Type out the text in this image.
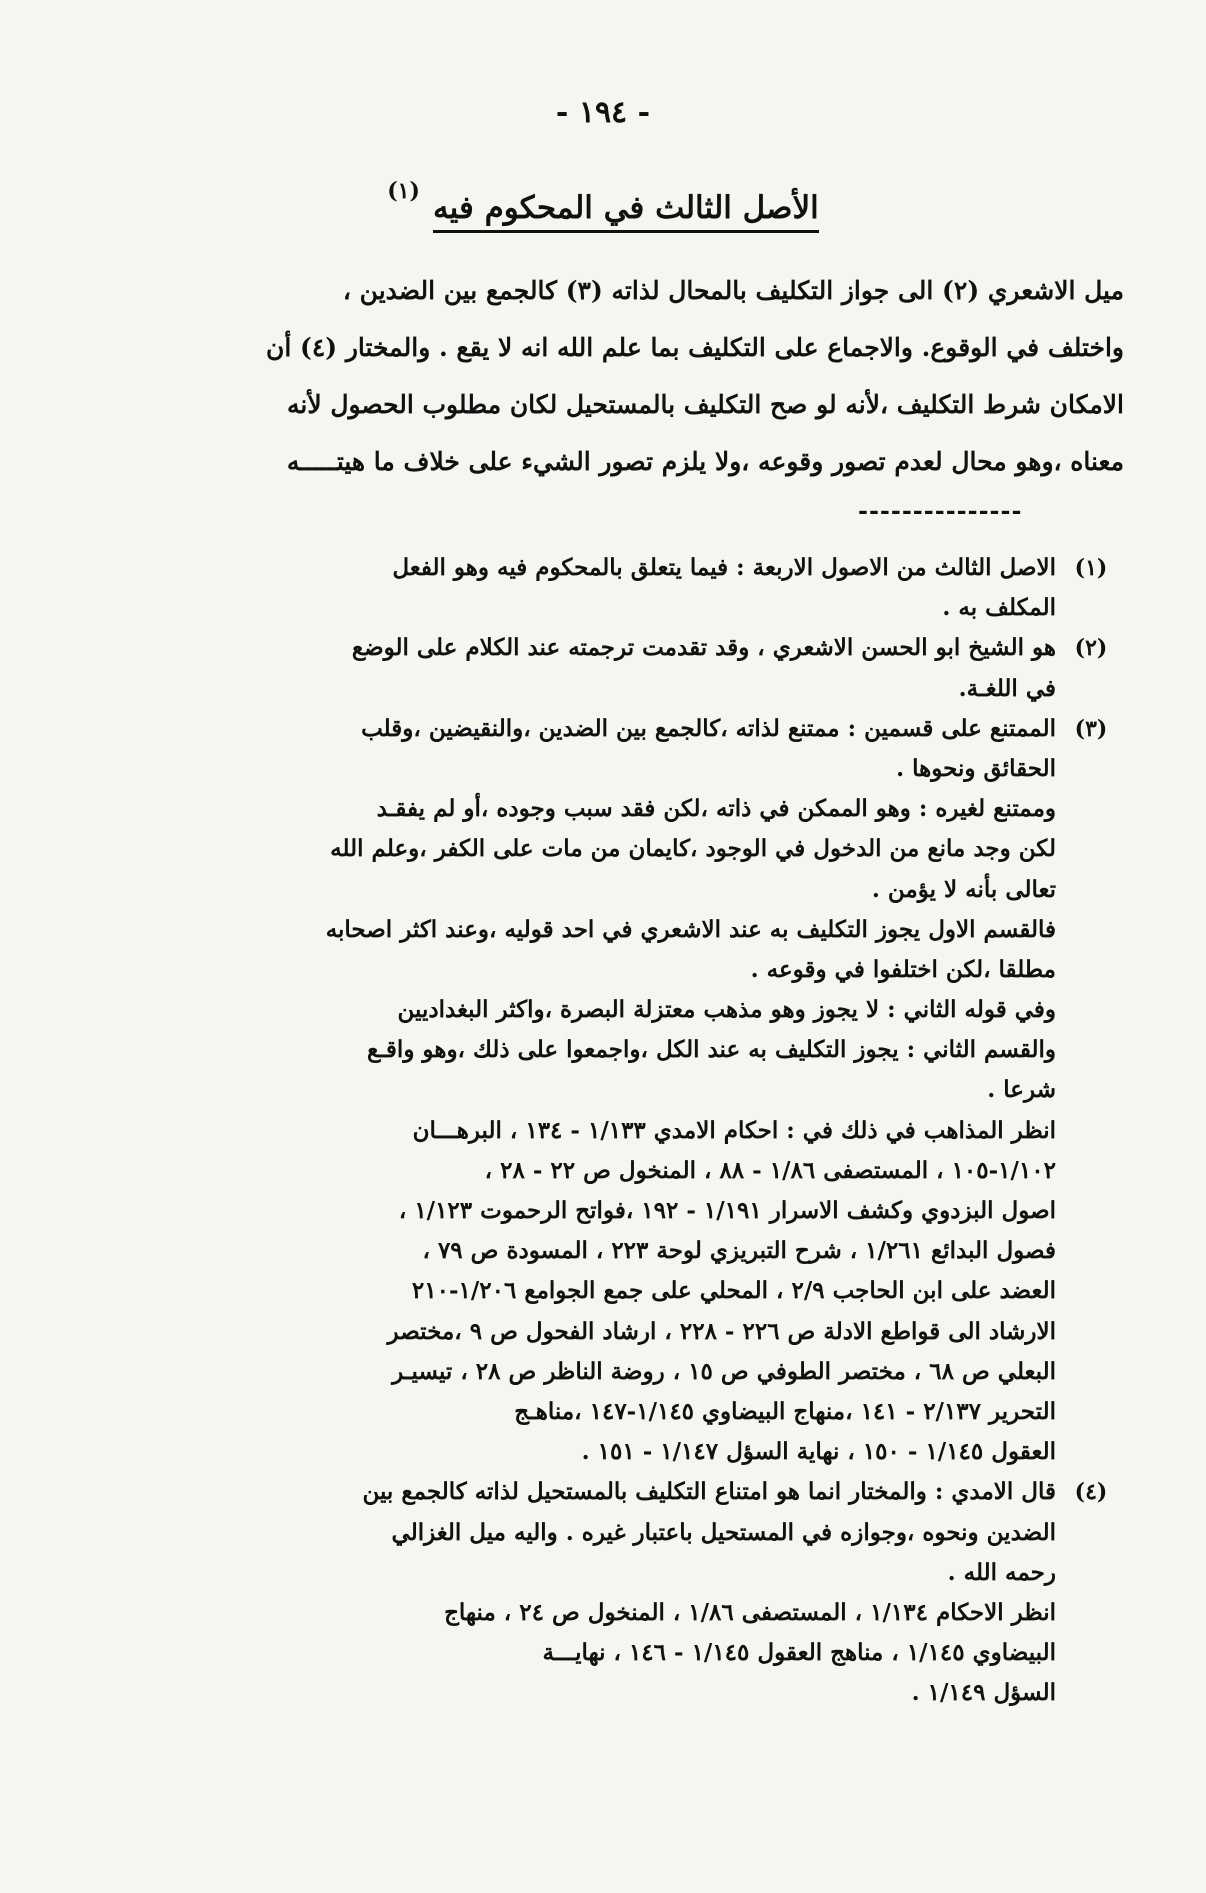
- ١٩٤ -
الأصل الثالث في المحكوم فيه (١)
ميل الاشعري (٢) الى جواز التكليف بالمحال لذاته (٣) كالجمع بين الضدين ،
واختلف في الوقوع. والاجماع على التكليف بما علم الله انه لا يقع . والمختار (٤) أن
الامكان شرط التكليف ،لأنه لو صح التكليف بالمستحيل لكان مطلوب الحصول لأنه
معناه ،وهو محال لعدم تصور وقوعه ،ولا يلزم تصور الشيء على خلاف ما هيتـــــه
---------------
(١)
الاصل الثالث من الاصول الاربعة : فيما يتعلق بالمحكوم فيه وهو الفعل
المكلف به .
(٢)
هو الشيخ ابو الحسن الاشعري ، وقد تقدمت ترجمته عند الكلام على الوضع
في اللغـة.
(٣)
الممتنع على قسمين : ممتنع لذاته ،كالجمع بين الضدين ،والنقيضين ،وقلب
الحقائق ونحوها .
وممتنع لغيره : وهو الممكن في ذاته ،لكن فقد سبب وجوده ،أو لم يفقـد
لكن وجد مانع من الدخول في الوجود ،كايمان من مات على الكفر ،وعلم الله
تعالى بأنه لا يؤمن .
فالقسم الاول يجوز التكليف به عند الاشعري في احد قوليه ،وعند اكثر اصحابه
مطلقا ،لكن اختلفوا في وقوعه .
وفي قوله الثاني : لا يجوز وهو مذهب معتزلة البصرة ،واكثر البغداديين
والقسم الثاني : يجوز التكليف به عند الكل ،واجمعوا على ذلك ،وهو واقـع
شرعا .
انظر المذاهب في ذلك في : احكام الامدي ١/١٣٣ - ١٣٤ ، البرهـــان
١/١٠٢-١٠٥ ، المستصفى ١/٨٦ - ٨٨ ، المنخول ص ٢٢ - ٢٨ ،
اصول البزدوي وكشف الاسرار ١/١٩١ - ١٩٢ ،فواتح الرحموت ١/١٢٣ ،
فصول البدائع ١/٢٦١ ، شرح التبريزي لوحة ٢٢٣ ، المسودة ص ٧٩ ،
العضد على ابن الحاجب ٢/٩ ، المحلي على جمع الجوامع ١/٢٠٦-٢١٠
الارشاد الى قواطع الادلة ص ٢٢٦ - ٢٢٨ ، ارشاد الفحول ص ٩ ،مختصر
البعلي ص ٦٨ ، مختصر الطوفي ص ١٥ ، روضة الناظر ص ٢٨ ، تيسيـر
التحرير ٢/١٣٧ - ١٤١ ،منهاج البيضاوي ١/١٤٥-١٤٧ ،مناهـج
العقول ١/١٤٥ - ١٥٠ ، نهاية السؤل ١/١٤٧ - ١٥١ .
(٤)
قال الامدي : والمختار انما هو امتناع التكليف بالمستحيل لذاته كالجمع بين
الضدين ونحوه ،وجوازه في المستحيل باعتبار غيره . واليه ميل الغزالي
رحمه الله .
انظر الاحكام ١/١٣٤ ، المستصفى ١/٨٦ ، المنخول ص ٢٤ ، منهاج
البيضاوي ١/١٤٥ ، مناهج العقول ١/١٤٥ - ١٤٦ ، نهايـــة
السؤل ١/١٤٩ .
